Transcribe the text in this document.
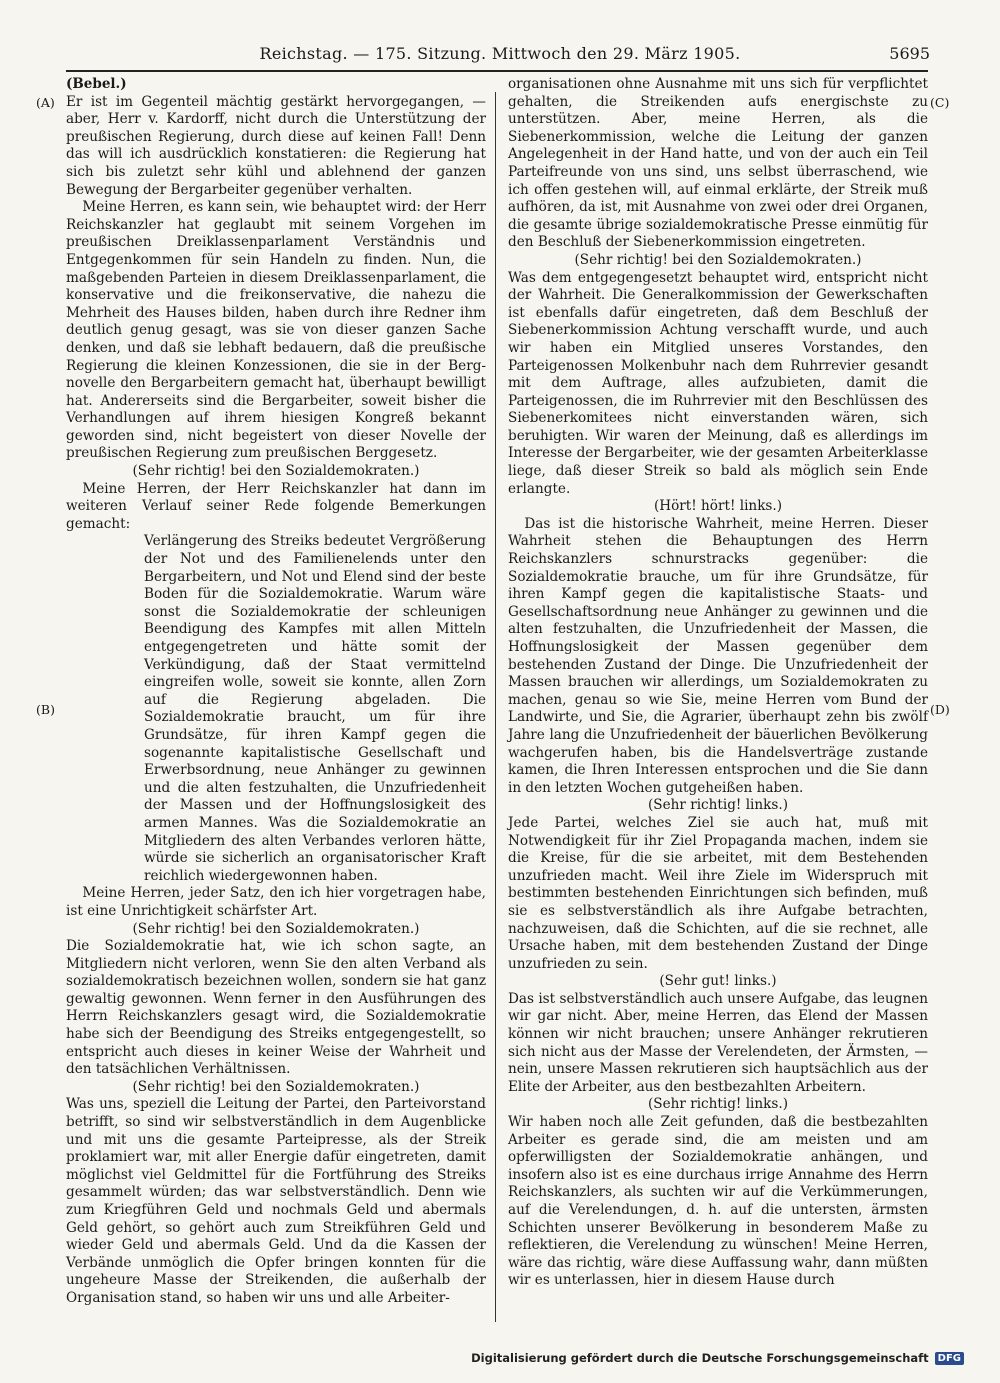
Reichstag. — 175. Sitzung. Mittwoch den 29. März 1905.	5695
(A)
(B)
(C)
(D)
(Bebel.)

Er ist im Gegenteil mächtig gestärkt hervorgegangen, — aber, Herr v. Kardorff, nicht durch die Unterstützung der preußischen Regierung, durch diese auf keinen Fall! Denn das will ich ausdrücklich konstatieren: die Regierung hat sich bis zuletzt sehr kühl und ablehnend der ganzen Bewegung der Bergarbeiter gegenüber verhalten.

Meine Herren, es kann sein, wie behauptet wird: der Herr Reichskanzler hat geglaubt mit seinem Vorgehen im preußischen Dreiklassenparlament Verständnis und Entgegenkommen für sein Handeln zu finden. Nun, die maßgebenden Parteien in diesem Dreiklassenparlament, die konservative und die freikonservative, die nahezu die Mehrheit des Hauses bilden, haben durch ihre Redner ihm deutlich genug gesagt, was sie von dieser ganzen Sache denken, und daß sie lebhaft bedauern, daß die preußische Regierung die kleinen Konzessionen, die sie in der Bergnovelle den Bergarbeitern gemacht hat, überhaupt bewilligt hat. Andererseits sind die Bergarbeiter, soweit bisher die Verhandlungen auf ihrem hiesigen Kongreß bekannt geworden sind, nicht begeistert von dieser Novelle der preußischen Regierung zum preußischen Berggesetz.

(Sehr richtig! bei den Sozialdemokraten.)

Meine Herren, der Herr Reichskanzler hat dann im weiteren Verlauf seiner Rede folgende Bemerkungen gemacht:

Verlängerung des Streiks bedeutet Vergrößerung der Not und des Familienelends unter den Bergarbeitern, und Not und Elend sind der beste Boden für die Sozialdemokratie. Warum wäre sonst die Sozialdemokratie der schleunigen Beendigung des Kampfes mit allen Mitteln entgegengetreten und hätte somit der Verkündigung, daß der Staat vermittelnd eingreifen wolle, soweit sie konnte, allen Zorn auf die Regierung abgeladen. Die Sozialdemokratie braucht, um für ihre Grundsätze, für ihren Kampf gegen die sogenannte kapitalistische Gesellschaft und Erwerbsordnung, neue Anhänger zu gewinnen und die alten festzuhalten, die Unzufriedenheit der Massen und der Hoffnungslosigkeit des armen Mannes. Was die Sozialdemokratie an Mitgliedern des alten Verbandes verloren hätte, würde sie sicherlich an organisatorischer Kraft reichlich wiedergewonnen haben.

Meine Herren, jeder Satz, den ich hier vorgetragen habe, ist eine Unrichtigkeit schärfster Art.

(Sehr richtig! bei den Sozialdemokraten.)

Die Sozialdemokratie hat, wie ich schon sagte, an Mitgliedern nicht verloren, wenn Sie den alten Verband als sozialdemokratisch bezeichnen wollen, sondern sie hat ganz gewaltig gewonnen. Wenn ferner in den Ausführungen des Herrn Reichskanzlers gesagt wird, die Sozialdemokratie habe sich der Beendigung des Streiks entgegengestellt, so entspricht auch dieses in keiner Weise der Wahrheit und den tatsächlichen Verhältnissen.

(Sehr richtig! bei den Sozialdemokraten.)

Was uns, speziell die Leitung der Partei, den Parteivorstand betrifft, so sind wir selbstverständlich in dem Augenblicke und mit uns die gesamte Parteipresse, als der Streik proklamiert war, mit aller Energie dafür eingetreten, damit möglichst viel Geldmittel für die Fortführung des Streiks gesammelt würden; das war selbstverständlich. Denn wie zum Kriegführen Geld und nochmals Geld und abermals Geld gehört, so gehört auch zum Streikführen Geld und wieder Geld und abermals Geld. Und da die Kassen der Verbände unmöglich die Opfer bringen konnten für die ungeheure Masse der Streikenden, die außerhalb der Organisation stand, so haben wir uns und alle Arbeiter-

organisationen ohne Ausnahme mit uns sich für verpflichtet gehalten, die Streikenden aufs energischste zu unterstützen. Aber, meine Herren, als die Siebenerkommission, welche die Leitung der ganzen Angelegenheit in der Hand hatte, und von der auch ein Teil Parteifreunde von uns sind, uns selbst überraschend, wie ich offen gestehen will, auf einmal erklärte, der Streik muß aufhören, da ist, mit Ausnahme von zwei oder drei Organen, die gesamte übrige sozialdemokratische Presse einmütig für den Beschluß der Siebenerkommission eingetreten.

(Sehr richtig! bei den Sozialdemokraten.)

Was dem entgegengesetzt behauptet wird, entspricht nicht der Wahrheit. Die Generalkommission der Gewerkschaften ist ebenfalls dafür eingetreten, daß dem Beschluß der Siebenerkommission Achtung verschafft wurde, und auch wir haben ein Mitglied unseres Vorstandes, den Parteigenossen Molkenbuhr nach dem Ruhrrevier gesandt mit dem Auftrage, alles aufzubieten, damit die Parteigenossen, die im Ruhrrevier mit den Beschlüssen des Siebenerkomitees nicht einverstanden wären, sich beruhigten. Wir waren der Meinung, daß es allerdings im Interesse der Bergarbeiter, wie der gesamten Arbeiterklasse liege, daß dieser Streik so bald als möglich sein Ende erlangte.

(Hört! hört! links.)

Das ist die historische Wahrheit, meine Herren. Dieser Wahrheit stehen die Behauptungen des Herrn Reichskanzlers schnurstracks gegenüber: die Sozialdemokratie brauche, um für ihre Grundsätze, für ihren Kampf gegen die kapitalistische Staats- und Gesellschaftsordnung neue Anhänger zu gewinnen und die alten festzuhalten, die Unzufriedenheit der Massen, die Hoffnungslosigkeit der Massen gegenüber dem bestehenden Zustand der Dinge. Die Unzufriedenheit der Massen brauchen wir allerdings, um Sozialdemokraten zu machen, genau so wie Sie, meine Herren vom Bund der Landwirte, und Sie, die Agrarier, überhaupt zehn bis zwölf Jahre lang die Unzufriedenheit der bäuerlichen Bevölkerung wachgerufen haben, bis die Handelsverträge zustande kamen, die Ihren Interessen entsprochen und die Sie dann in den letzten Wochen gutgeheißen haben.

(Sehr richtig! links.)

Jede Partei, welches Ziel sie auch hat, muß mit Notwendigkeit für ihr Ziel Propaganda machen, indem sie die Kreise, für die sie arbeitet, mit dem Bestehenden unzufrieden macht. Weil ihre Ziele im Widerspruch mit bestimmten bestehenden Einrichtungen sich befinden, muß sie es selbstverständlich als ihre Aufgabe betrachten, nachzuweisen, daß die Schichten, auf die sie rechnet, alle Ursache haben, mit dem bestehenden Zustand der Dinge unzufrieden zu sein.

(Sehr gut! links.)

Das ist selbstverständlich auch unsere Aufgabe, das leugnen wir gar nicht. Aber, meine Herren, das Elend der Massen können wir nicht brauchen; unsere Anhänger rekrutieren sich nicht aus der Masse der Verelendeten, der Ärmsten, — nein, unsere Massen rekrutieren sich hauptsächlich aus der Elite der Arbeiter, aus den bestbezahlten Arbeitern.

(Sehr richtig! links.)

Wir haben noch alle Zeit gefunden, daß die bestbezahlten Arbeiter es gerade sind, die am meisten und am opferwilligsten der Sozialdemokratie anhängen, und insofern also ist es eine durchaus irrige Annahme des Herrn Reichskanzlers, als suchten wir auf die Verkümmerungen, auf die Verelendungen, d. h. auf die untersten, ärmsten Schichten unserer Bevölkerung in besonderem Maße zu reflektieren, die Verelendung zu wünschen! Meine Herren, wäre das richtig, wäre diese Auffassung wahr, dann müßten wir es unterlassen, hier in diesem Hause durch

Digitalisierung gefördert durch die Deutsche Forschungsgemeinschaft DFG
